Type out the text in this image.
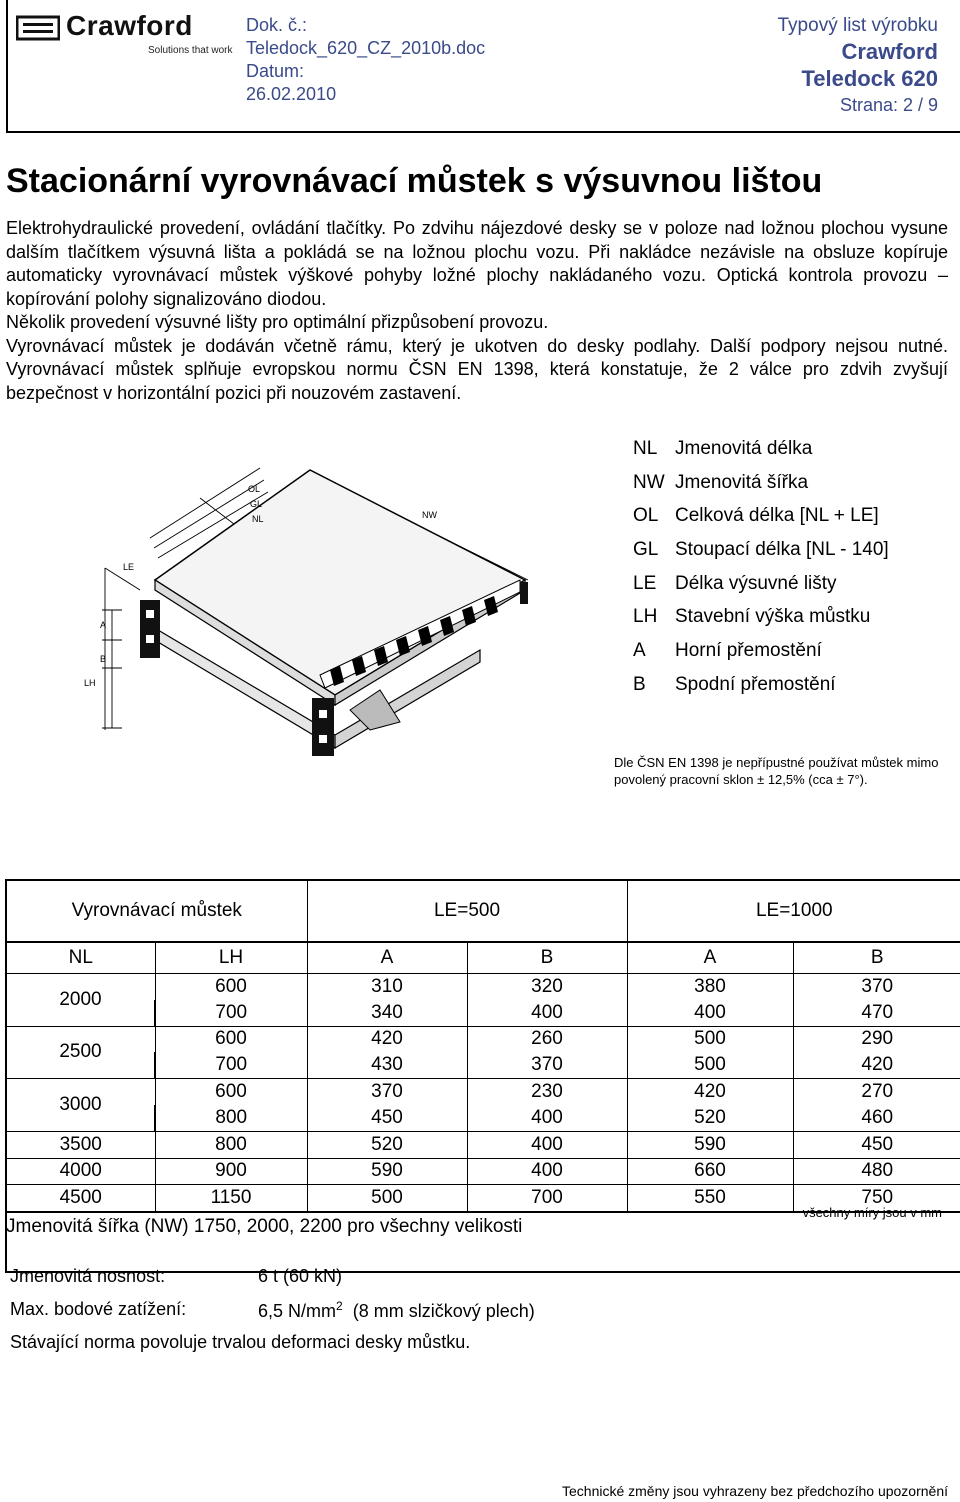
Crawford
Solutions that work
Dok. č.:
Teledock_620_CZ_2010b.doc
Datum:
26.02.2010
Typový list výrobku
Crawford
Teledock 620
Strana: 2 / 9
Stacionární vyrovnávací můstek s výsuvnou lištou

Elektrohydraulické provedení, ovládání tlačítky. Po zdvihu nájezdové desky se v poloze nad ložnou plochou vysune dalším tlačítkem výsuvná lišta a pokládá se na ložnou plochu vozu. Při nakládce nezávisle na obsluze kopíruje automaticky vyrovnávací můstek výškové pohyby ložné plochy nakládaného vozu. Optická kontrola provozu – kopírování polohy signalizováno diodou.

Několik provedení výsuvné lišty pro optimální přizpůsobení provozu.

Vyrovnávací můstek je dodáván včetně rámu, který je ukotven do desky podlahy. Další podpory nejsou nutné. Vyrovnávací můstek splňuje evropskou normu ČSN EN 1398, která konstatuje, že 2 válce pro zdvih zvyšují bezpečnost v horizontální pozici při nouzovém zastavení.

OL
GL
NL	NW
LE
A
B
LH
NL Jmenovitá délka
NW Jmenovitá šířka
OL Celková délka [NL + LE]
GL Stoupací délka [NL - 140]
LE Délka výsuvné lišty
LH Stavební výška můstku
A Horní přemostění
B Spodní přemostění
Dle ČSN EN 1398 je nepřípustné používat můstek mimo povolený pracovní sklon ± 12,5% (cca ± 7°).
Vyrovnávací můstek		LE=500		LE=1000	
NL	LH	A	B	A	B
2000	600	310	320	380	370
	700	340	400	400	470
2500	600	420	260	500	290
	700	430	370	500	420
3000	600	370	230	420	270
	800	450	400	520	460
3500	800	520	400	590	450
4000	900	590	400	660	480
4500	1150	500	700	550	750

Jmenovitá šířka (NW) 1750, 2000, 2200 pro všechny velikosti
všechny míry jsou v mm
Jmenovitá nosnost:	6 t (60 kN)
Max. bodové zatížení:	6,5 $N/mm^2$ (8 mm slzičkový plech)
Stávající norma povoluje trvalou deformaci desky můstku.
Technické změny jsou vyhrazeny bez předchozího upozornění
